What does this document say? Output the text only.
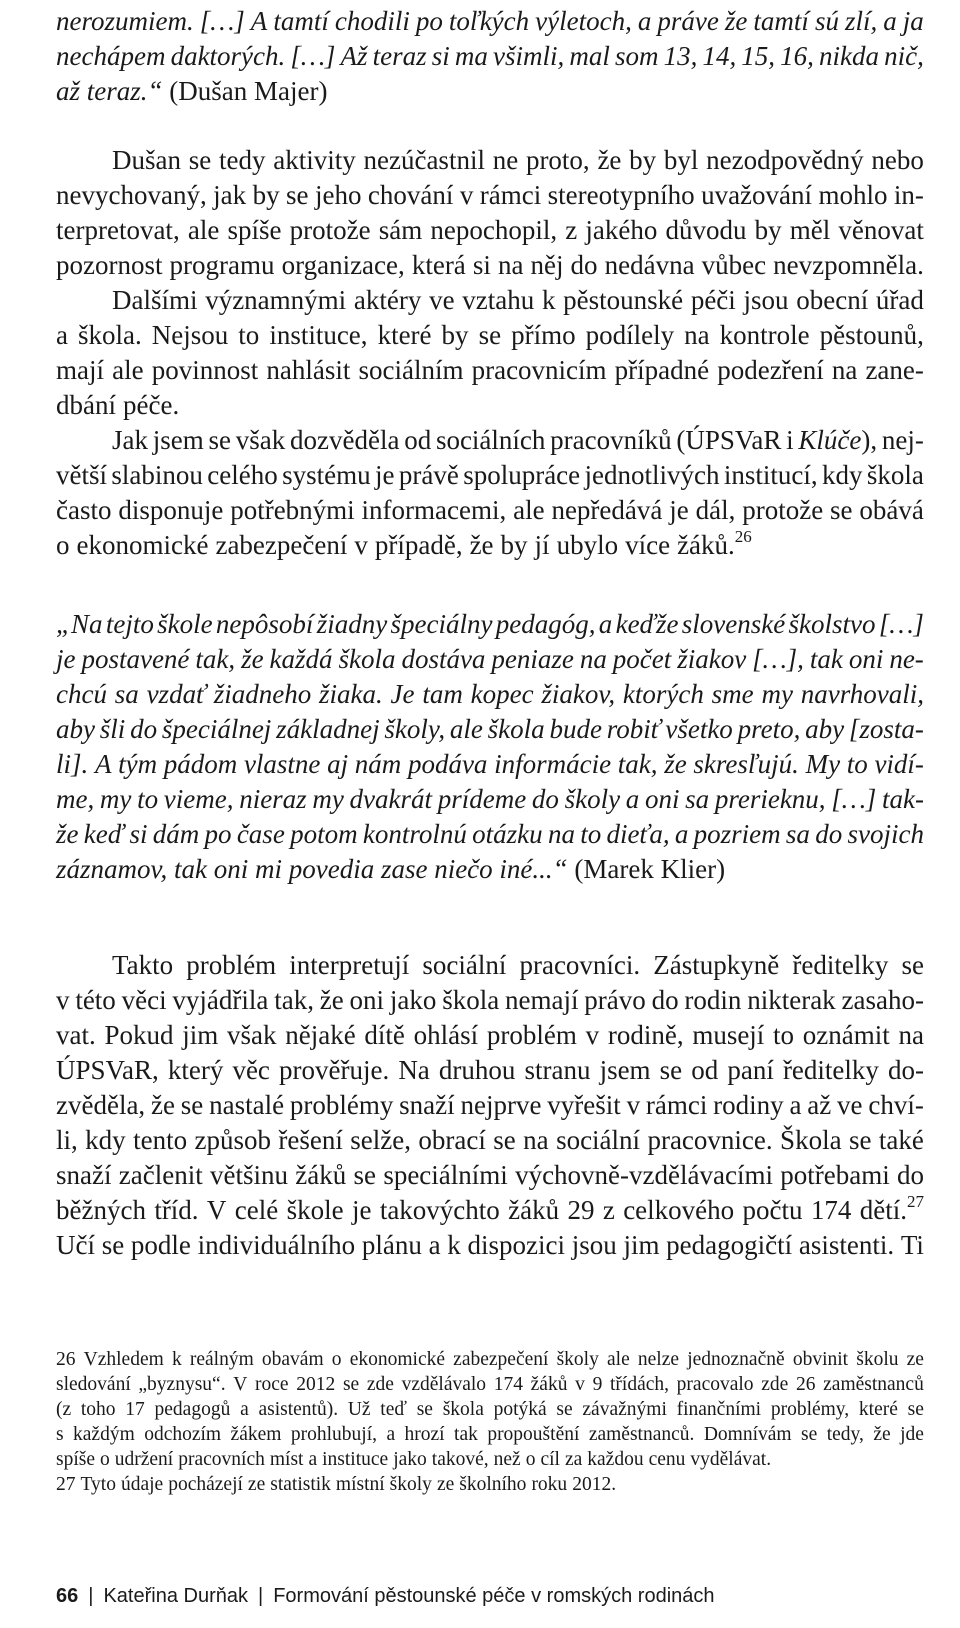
nerozumiem. […] A tamtí chodili po toľkých výletoch, a práve že tamtí sú zlí, a ja
nechápem daktorých. […] Až teraz si ma všimli, mal som 13, 14, 15, 16, nikda nič,
až teraz.“ (Dušan Majer)
Dušan se tedy aktivity nezúčastnil ne proto, že by byl nezodpovědný nebo
nevychovaný, jak by se jeho chování v rámci stereotypního uvažování mohlo in-
terpretovat, ale spíše protože sám nepochopil, z jakého důvodu by měl věnovat
pozornost programu organizace, která si na něj do nedávna vůbec nevzpomněla.
Dalšími významnými aktéry ve vztahu k pěstounské péči jsou obecní úřad
a škola. Nejsou to instituce, které by se přímo podílely na kontrole pěstounů,
mají ale povinnost nahlásit sociálním pracovnicím případné podezření na zane-
dbání péče.
Jak jsem se však dozvěděla od sociálních pracovníků (ÚPSVaR i Klúče), nej-
větší slabinou celého systému je právě spolupráce jednotlivých institucí, kdy škola
často disponuje potřebnými informacemi, ale nepředává je dál, protože se obává
o ekonomické zabezpečení v případě, že by jí ubylo více žáků.$^{26}$
„Na tejto škole nepôsobí žiadny špeciálny pedagóg, a keďže slovenské školstvo […]
je postavené tak, že každá škola dostáva peniaze na počet žiakov […], tak oni ne-
chcú sa vzdať žiadneho žiaka. Je tam kopec žiakov, ktorých sme my navrhovali,
aby šli do špeciálnej základnej školy, ale škola bude robiť všetko preto, aby [zosta-
li]. A tým pádom vlastne aj nám podáva informácie tak, že skresľujú. My to vidí-
me, my to vieme, nieraz my dvakrát prídeme do školy a oni sa prerieknu, […] tak-
že keď si dám po čase potom kontrolnú otázku na to dieťa, a pozriem sa do svojich
záznamov, tak oni mi povedia zase niečo iné...“ (Marek Klier)
Takto problém interpretují sociální pracovníci. Zástupkyně ředitelky se
v této věci vyjádřila tak, že oni jako škola nemají právo do rodin nikterak zasaho-
vat. Pokud jim však nějaké dítě ohlásí problém v rodině, musejí to oznámit na
ÚPSVaR, který věc prověřuje. Na druhou stranu jsem se od paní ředitelky do-
zvěděla, že se nastalé problémy snaží nejprve vyřešit v rámci rodiny a až ve chví-
li, kdy tento způsob řešení selže, obrací se na sociální pracovnice. Škola se také
snaží začlenit většinu žáků se speciálními výchovně-vzdělávacími potřebami do
běžných tříd. V celé škole je takovýchto žáků 29 z celkového počtu 174 dětí.$^{27}$
Učí se podle individuálního plánu a k dispozici jsou jim pedagogičtí asistenti. Ti
26 Vzhledem k reálným obavám o ekonomické zabezpečení školy ale nelze jednoznačně obvinit školu ze
sledování „byznysu“. V roce 2012 se zde vzdělávalo 174 žáků v 9 třídách, pracovalo zde 26 zaměstnanců
(z toho 17 pedagogů a asistentů). Už teď se škola potýká se závažnými finančními problémy, které se
s každým odchozím žákem prohlubují, a hrozí tak propouštění zaměstnanců. Domnívám se tedy, že jde
spíše o udržení pracovních míst a instituce jako takové, než o cíl za každou cenu vydělávat.
27 Tyto údaje pocházejí ze statistik místní školy ze školního roku 2012.
66 | Kateřina Durňak | Formování pěstounské péče v romských rodinách
